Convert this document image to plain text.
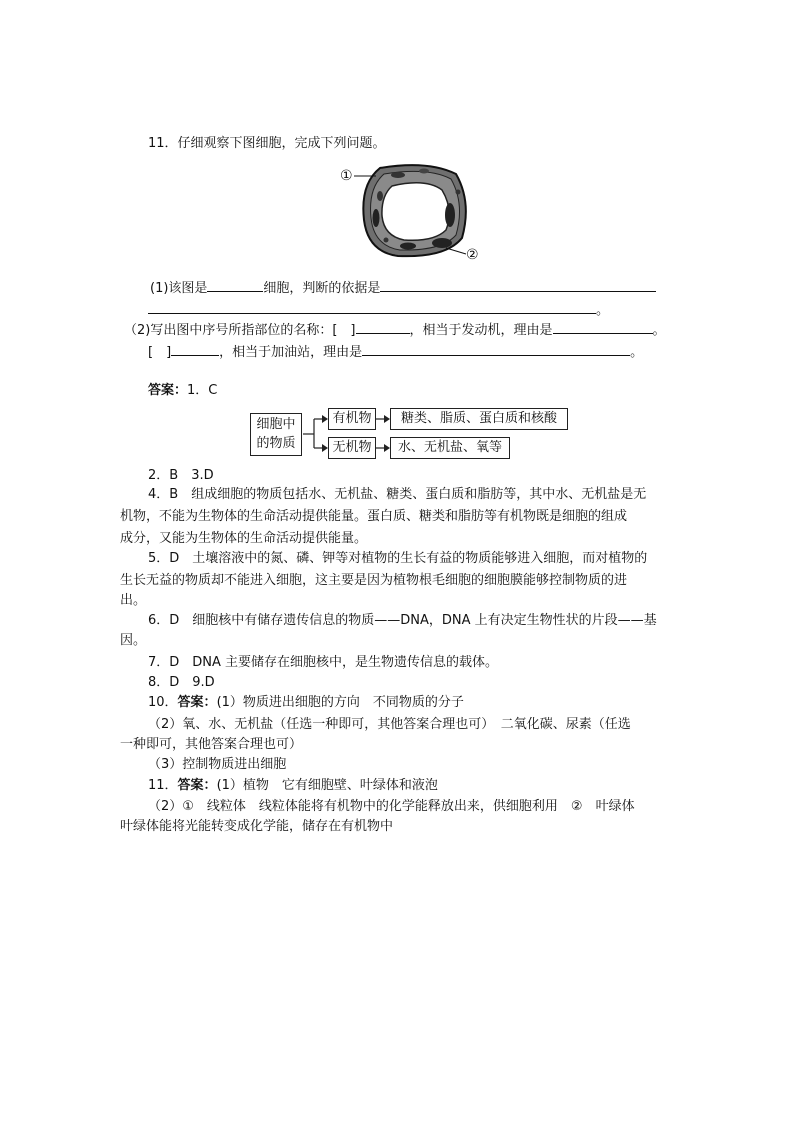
11．仔细观察下图细胞，完成下列问题。
①
②
(1)该图是	细胞，判断的依据是
。
（2)写出图中序号所指部位的名称：[　]	，相当于发动机，理由是	。
[　]	，相当于加油站，理由是	。
答案：1．C
细胞中
的物质
有机物	糖类、脂质、蛋白质和核酸
无机物	水、无机盐、氧等
2．B　3.D
4．B　组成细胞的物质包括水、无机盐、糖类、蛋白质和脂肪等，其中水、无机盐是无
机物，不能为生物体的生命活动提供能量。蛋白质、糖类和脂肪等有机物既是细胞的组成
成分，又能为生物体的生命活动提供能量。
5．D　土壤溶液中的氮、磷、钾等对植物的生长有益的物质能够进入细胞，而对植物的
生长无益的物质却不能进入细胞，这主要是因为植物根毛细胞的细胞膜能够控制物质的进
出。
6．D　细胞核中有储存遗传信息的物质——DNA，DNA 上有决定生物性状的片段——基
因。
7．D　DNA 主要储存在细胞核中，是生物遗传信息的载体。
8．D　9.D
10．答案：(1）物质进出细胞的方向　不同物质的分子
（2）氧、水、无机盐（任选一种即可，其他答案合理也可）　二氧化碳、尿素（任选
一种即可，其他答案合理也可）
（3）控制物质进出细胞
11．答案：(1）植物　它有细胞壁、叶绿体和液泡
（2）①　线粒体　线粒体能将有机物中的化学能释放出来，供细胞利用　②　叶绿体
叶绿体能将光能转变成化学能，储存在有机物中
